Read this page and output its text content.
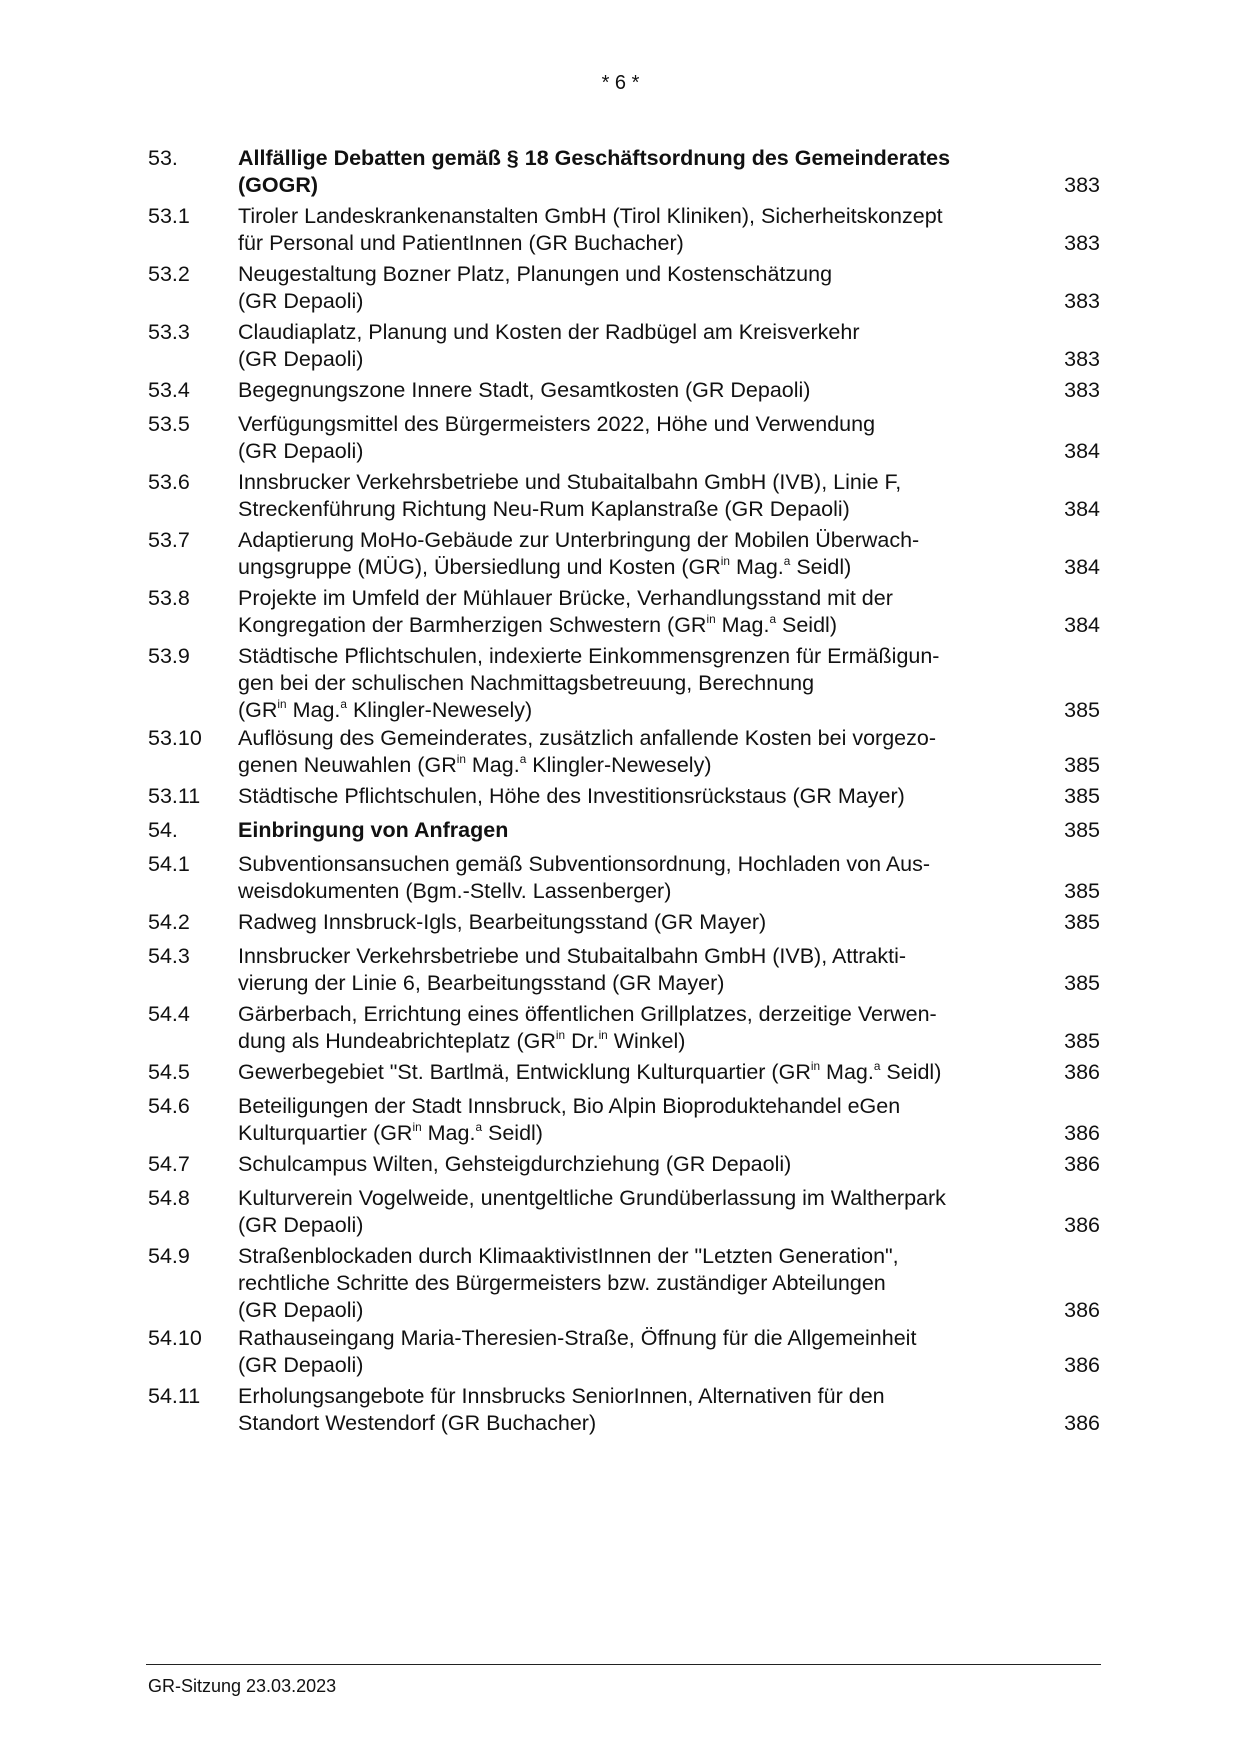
* 6 *
53.	Allfällige Debatten gemäß § 18 Geschäftsordnung des Gemeinderates
(GOGR)	383
53.1	Tiroler Landeskrankenanstalten GmbH (Tirol Kliniken), Sicherheitskonzept
für Personal und PatientInnen (GR Buchacher)	383
53.2	Neugestaltung Bozner Platz, Planungen und Kostenschätzung
(GR Depaoli)	383
53.3	Claudiaplatz, Planung und Kosten der Radbügel am Kreisverkehr
(GR Depaoli)	383
53.4	Begegnungszone Innere Stadt, Gesamtkosten (GR Depaoli)	383
53.5	Verfügungsmittel des Bürgermeisters 2022, Höhe und Verwendung
(GR Depaoli)	384
53.6	Innsbrucker Verkehrsbetriebe und Stubaitalbahn GmbH (IVB), Linie F,
Streckenführung Richtung Neu-Rum Kaplanstraße (GR Depaoli)	384
53.7	Adaptierung MoHo-Gebäude zur Unterbringung der Mobilen Überwach-
ungsgruppe (MÜG), Übersiedlung und Kosten ($GR^{in}$ Mag.$^a$ Seidl)	384
53.8	Projekte im Umfeld der Mühlauer Brücke, Verhandlungsstand mit der
Kongregation der Barmherzigen Schwestern ($GR^{in}$ Mag.$^a$ Seidl)	384
53.9	Städtische Pflichtschulen, indexierte Einkommensgrenzen für Ermäßigun-
gen bei der schulischen Nachmittagsbetreuung, Berechnung
($GR^{in}$ Mag.$^a$ Klingler-Newesely)	385
53.10	Auflösung des Gemeinderates, zusätzlich anfallende Kosten bei vorgezo-
genen Neuwahlen ($GR^{in}$ Mag.$^a$ Klingler-Newesely)	385
53.11	Städtische Pflichtschulen, Höhe des Investitionsrückstaus (GR Mayer)	385
54.	Einbringung von Anfragen	385
54.1	Subventionsansuchen gemäß Subventionsordnung, Hochladen von Aus-
weisdokumenten (Bgm.-Stellv. Lassenberger)	385
54.2	Radweg Innsbruck-Igls, Bearbeitungsstand (GR Mayer)	385
54.3	Innsbrucker Verkehrsbetriebe und Stubaitalbahn GmbH (IVB), Attrakti-
vierung der Linie 6, Bearbeitungsstand (GR Mayer)	385
54.4	Gärberbach, Errichtung eines öffentlichen Grillplatzes, derzeitige Verwen-
dung als Hundeabrichteplatz ($GR^{in}$ Dr.$^{in}$ Winkel)	385
54.5	Gewerbegebiet "St. Bartlmä, Entwicklung Kulturquartier ($GR^{in}$ Mag.$^a$ Seidl)	386
54.6	Beteiligungen der Stadt Innsbruck, Bio Alpin Bioproduktehandel eGen
Kulturquartier ($GR^{in}$ Mag.$^a$ Seidl)	386
54.7	Schulcampus Wilten, Gehsteigdurchziehung (GR Depaoli)	386
54.8	Kulturverein Vogelweide, unentgeltliche Grundüberlassung im Waltherpark
(GR Depaoli)	386
54.9	Straßenblockaden durch KlimaaktivistInnen der "Letzten Generation",
rechtliche Schritte des Bürgermeisters bzw. zuständiger Abteilungen
(GR Depaoli)	386
54.10	Rathauseingang Maria-Theresien-Straße, Öffnung für die Allgemeinheit
(GR Depaoli)	386
54.11	Erholungsangebote für Innsbrucks SeniorInnen, Alternativen für den
Standort Westendorf (GR Buchacher)	386
GR-Sitzung 23.03.2023
